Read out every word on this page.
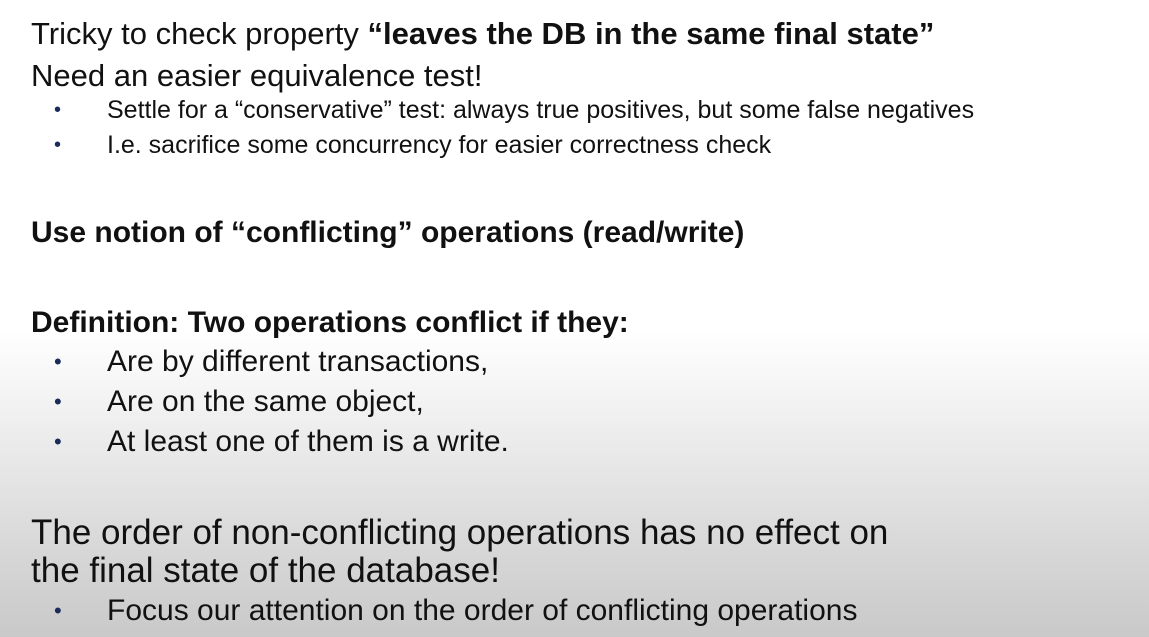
Tricky to check property “leaves the DB in the same final state”
Need an easier equivalence test!
• Settle for a “conservative” test: always true positives, but some false negatives
• I.e. sacrifice some concurrency for easier correctness check
Use notion of “conflicting” operations (read/write)
Definition: Two operations conflict if they:
• Are by different transactions,
• Are on the same object,
• At least one of them is a write.
The order of non-conflicting operations has no effect on
the final state of the database!
• Focus our attention on the order of conflicting operations
